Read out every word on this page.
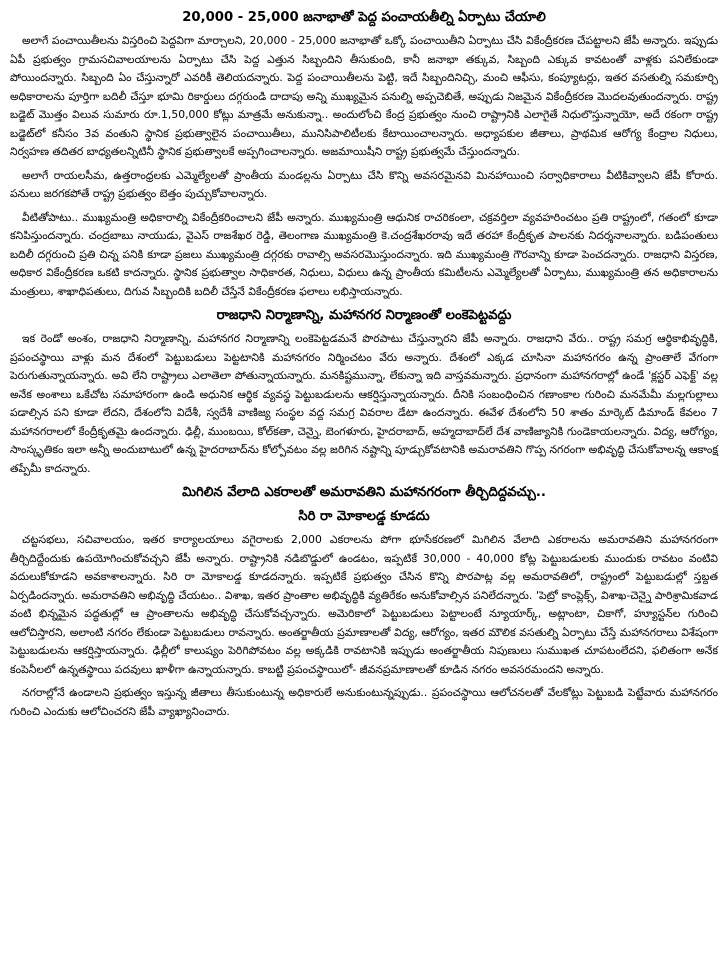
20,000 - 25,000 జనాభాతో పెద్ద పంచాయతీల్ని ఏర్పాటు చేయాలి

అలాగే పంచాయితీలను విస్తరించి పెద్దవిగా మార్చాలని, 20,000 - 25,000 జనాభాతో ఒక్కో పంచాయితీని ఏర్పాటు చేసి వికేంద్రీకరణ చేపట్టాలని జేపీ అన్నారు. ఇప్పుడు ఏపీ ప్రభుత్వం గ్రామసచివాలయాలను ఏర్పాటు చేసి పెద్ద ఎత్తున సిబ్బందిని తీసుకుంది, కానీ జనాభా తక్కువ, సిబ్బంది ఎక్కువ కావటంతో వాళ్లకు పనిలేకుండా పోయిందన్నారు. సిబ్బంది ఏం చేస్తున్నారో ఎవరికీ తెలియదన్నారు. పెద్ద పంచాయితీలను పెట్టి, ఇదే సిబ్బందినిచ్చి, మంచి ఆఫీసు, కంప్యూటర్లు, ఇతర వసతుల్ని సమకూర్చి అధికారాలను పూర్తిగా బదిలీ చేస్తూ భూమి రికార్డులు దగ్గరుండి దాదాపు అన్ని ముఖ్యమైన పనుల్ని అప్పచెబితే, అప్పుడు నిజమైన వికేంద్రీకరణ మొదలవుతుందన్నారు. రాష్ట్ర బడ్జెట్ మొత్తం విలువ సుమారు రూ.1,50,000 కోట్లు మాత్రమే అనుకున్నా.. అందులోంచి కేంద్ర ప్రభుత్వం నుంచి రాష్ట్రానికి ఎలాగైతే నిధులొస్తున్నాయో, అదే రకంగా రాష్ట్ర బడ్జెట్‌లో కనీసం 3వ వంతుని స్థానిక ప్రభుత్వాలైన పంచాయితీలు, మునిసిపాలిటీలకు కేటాయించాలన్నారు. అధ్యాపకుల జీతాలు, ప్రాథమిక ఆరోగ్య కేంద్రాల నిధులు, నిర్వహణ తదితర బాధ్యతలన్నిటినీ స్థానిక ప్రభుత్వాలకే అప్పగించాలన్నారు. అజమాయిషీని రాష్ట్ర ప్రభుత్వమే చేస్తుందన్నారు.

అలాగే రాయలసీమ, ఉత్తరాంధ్రలకు ఎమ్మెల్యేలతో ప్రాంతీయ మండల్లను ఏర్పాటు చేసి కొన్ని అవసరమైనవి మినహాయించి సర్వాధికారాలు వీటికివ్వాలని జేపీ కోరారు. పనులు జరగకపోతే రాష్ట్ర ప్రభుత్వం బెత్తం పుచ్చుకోవాలన్నారు.

వీటితోపాటు.. ముఖ్యమంత్రి అధికారాల్ని వికేంద్రీకరించాలని జేపీ అన్నారు. ముఖ్యమంత్రి ఆధునిక రాచరికంలా, చక్రవర్తిలా వ్యవహరించటం ప్రతి రాష్ట్రంలో, గతంలో కూడా కనిపిస్తుందన్నారు. చంద్రబాబు నాయుడు, వైఎస్ రాజశేఖర రెడ్డి, తెలంగాణ ముఖ్యమంత్రి కె.చంద్రశేఖరరావు ఇదే తరహా కేంద్రీకృత పాలనకు నిదర్శనాలన్నారు. బడిపంతులు బదిలీ దగ్గరుంచి ప్రతి చిన్న పనికి కూడా ప్రజలు ముఖ్యమంత్రి దగ్గరకు రావాల్సి అవసరమొస్తుందన్నారు. ఇది ముఖ్యమంత్రి గౌరవాన్ని కూడా పెంచదన్నారు. రాజధాని విస్తరణ, అధికార వికేంద్రీకరణ ఒకటి కాదన్నారు. స్థానిక ప్రభుత్వాల సాధికారత, నిధులు, విధులు ఉన్న ప్రాంతీయ కమిటీలను ఎమ్మెల్యేలతో ఏర్పాటు, ముఖ్యమంత్రి తన అధికారాలను మంత్రులు, శాఖాధిపతులు, దిగువ సిబ్బందికి బదిలీ చేస్తేనే వికేంద్రీకరణ ఫలాలు లభిస్తాయన్నారు.

రాజధాని నిర్మాణాన్ని, మహానగర నిర్మాణంతో లంకెపెట్టవద్దు

ఇక రెండో అంశం, రాజధాని నిర్మాణాన్ని, మహానగర నిర్మాణాన్ని లంకెపెట్టడమనే పొరపాటు చేస్తున్నారని జేపీ అన్నారు. రాజధాని వేరు.. రాష్ట్ర సమగ్ర ఆర్థికాభివృద్ధికి, ప్రపంచస్థాయి వాళ్లు మన దేశంలో పెట్టుబడులు పెట్టటానికి మహానగరం నిర్మించటం వేరు అన్నారు. దేశంలో ఎక్కడ చూసినా మహానగరం ఉన్న ప్రాంతాలే వేగంగా పెరుగుతున్నాయన్నారు. అవి లేని రాష్ట్రాలు ఎలాతెలా పోతున్నాయన్నారు. మనకిష్టమున్నా, లేకున్నా ఇది వాస్తవమన్నారు. ప్రధానంగా మహానగరాల్లో ఉండే 'క్లస్టర్ ఎఫెక్ట్' వల్ల అనేక అంశాలు ఒకేచోట సమాహారంగా ఉండి అధునిక ఆర్థిక వ్యవస్థ పెట్టుబడులను ఆకర్షిస్తున్నాయన్నారు. దీనికి సంబంధించిన గణాంకాల గురించి మనమేమీ మల్లగుల్లాలు పడాల్సిన పని కూడా లేదని, దేశంలోని విదేశీ, స్వదేశీ వాణిజ్య సంస్థల వద్ద సమగ్ర వివరాల డేటా ఉందన్నారు. ఈవేళ దేశంలోని 50 శాతం మార్కెట్ డిమాండ్ కేవలం 7 మహానగరాలలో కేంద్రీకృతమై ఉందన్నారు. ఢిల్లీ, ముంబయి, కోల్‌కతా, చెన్నై, బెంగళూరు, హైదరాబాద్, అహ్మదాబాద్‌లే దేశ వాణిజ్యానికి గుండెకాయలన్నారు. విద్య, ఆరోగ్యం, సాంస్కృతికం ఇలా అన్నీ అందుబాటులో ఉన్న హైదరాబాద్‌ను కోల్పోవటం వల్ల జరిగిన నష్టాన్ని పూడ్చుకోవటానికి అమరావతిని గొప్ప నగరంగా అభివృద్ధి చేసుకోవాలన్న ఆకాంక్ష తప్పేమీ కాదన్నారు.

మిగిలిన వేలాది ఎకరాలతో అమరావతిని మహానగరంగా తీర్చిదిద్దవచ్చు..
సిరి రా మోకాలడ్డ కూడదు

చట్టసభలు, సచివాలయం, ఇతర కార్యాలయాలు వగైరాలకు 2,000 ఎకరాలను పోగా భూసేకరణలో మిగిలిన వేలాది ఎకరాలను అమరావతిని మహానగరంగా తీర్చిదిద్దేందుకు ఉపయోగించుకోవచ్చని జేపీ అన్నారు. రాష్ట్రానికి నడిబొడ్డులో ఉండటం, ఇప్పటికే 30,000 - 40,000 కోట్ల పెట్టుబడులకు ముందుకు రావటం వంటివి వదులుకోకూడని అవకాశాలన్నారు. సిరి రా మోకాలడ్డ కూడదన్నారు. ఇప్పటికే ప్రభుత్వం చేసిన కొన్ని పొరపాట్ల వల్ల అమరావతిలో, రాష్ట్రంలో పెట్టుబడుల్లో స్తబ్దత ఏర్పడిందన్నారు. అమరావతిని అభివృద్ధి చేయటం.. విశాఖ, ఇతర ప్రాంతాల అభివృద్ధికి వ్యతిరేకం అనుకోవాల్సిన పనిలేదన్నారు. 'పెట్రో కాంప్లెక్స్, విశాఖ-చెన్నై పారిశ్రామికవాడ వంటి భిన్నమైన పద్ధతుల్లో ఆ ప్రాంతాలను అభివృద్ధి చేసుకోవచ్చన్నారు. అమెరికాలో పెట్టుబడులు పెట్టాలంటే న్యూయార్క్, అట్లాంటా, చికాగో, హ్యూస్టన్‌ల గురించి ఆలోచిస్తారని, అలాంటి నగరం లేకుండా పెట్టుబడులు రావన్నారు. అంతర్జాతీయ ప్రమాణాలతో విద్య, ఆరోగ్యం, ఇతర మౌలిక వసతుల్ని ఏర్పాటు చేస్తే మహానగరాలు విశేషంగా పెట్టుబడులను ఆకర్షిస్తాయన్నారు. ఢిల్లీలో కాలుష్యం పెరిగిపోవటం వల్ల అక్కడికి రావటానికి ఇప్పుడు అంతర్జాతీయ నిపుణులు సుముఖత చూపటంలేదని, ఫలితంగా అనేక కంపెనీలలో ఉన్నతస్థాయి పదవులు ఖాళీగా ఉన్నాయన్నారు. కాబట్టి ప్రపంచస్థాయిలో- జీవనప్రమాణాలతో కూడిన నగరం అవసరమందని అన్నారు.

నగరాల్లోనే ఉండాలని ప్రభుత్వం ఇస్తున్న జీతాలు తీసుకుంటున్న అధికారులే అనుకుంటున్నప్పుడు.. ప్రపంచస్థాయి ఆలోచనలతో వేలకోట్లు పెట్టుబడి పెట్టేవారు మహానగరం గురించి ఎందుకు ఆలోచించరని జేపీ వ్యాఖ్యానించారు.
